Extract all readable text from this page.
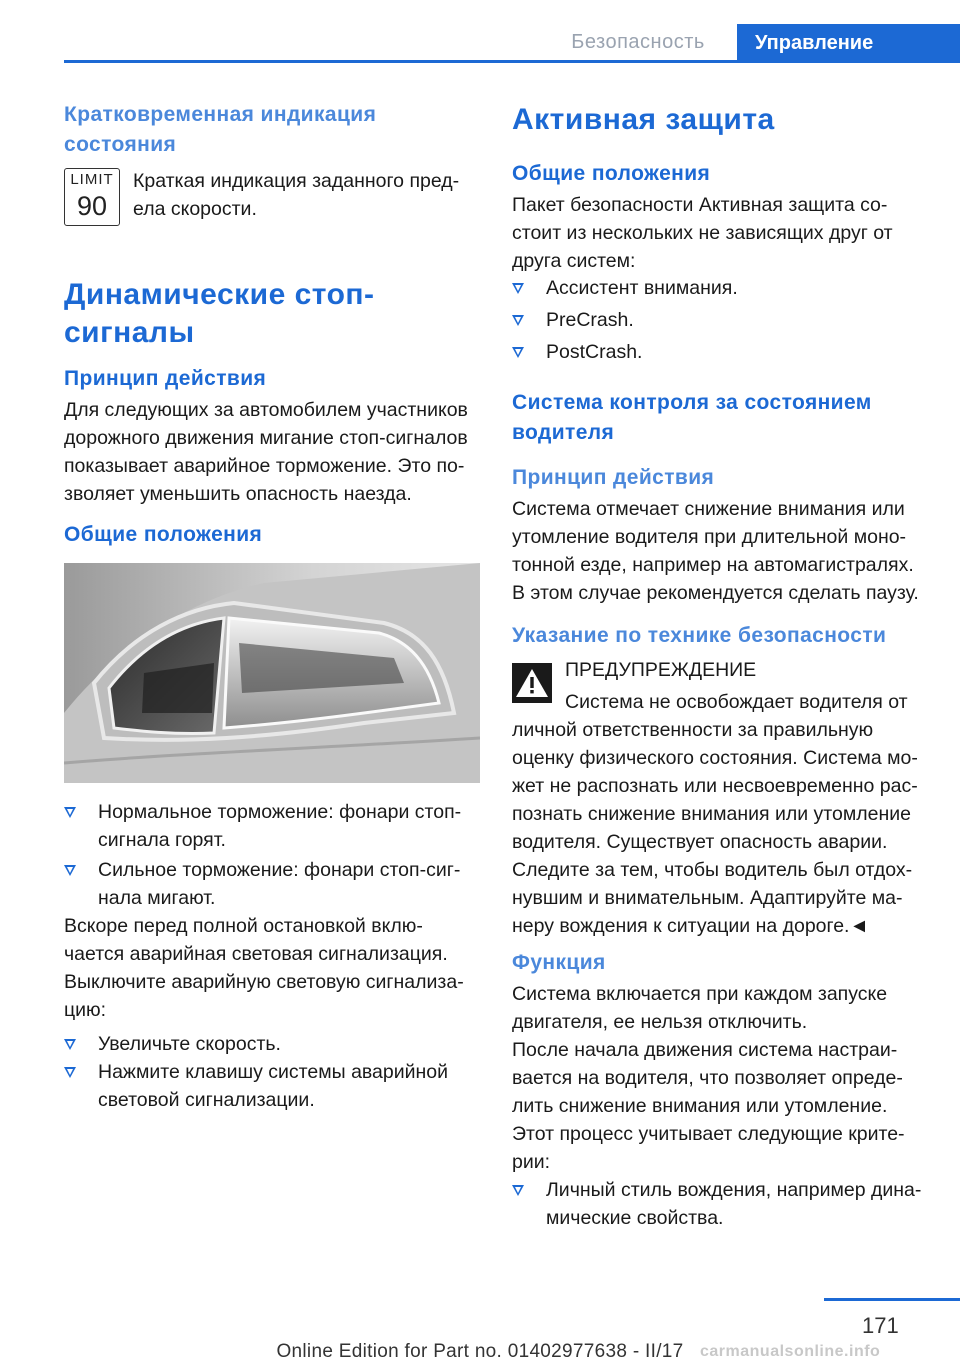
Безопасность	Управление
Кратковременная индикация
состояния
LIMIT
90
Краткая индикация заданного пред-
ела скорости.
Динамические стоп-
сигналы
Принцип действия
Для следующих за автомобилем участников
дорожного движения мигание стоп-сигналов
показывает аварийное торможение. Это по-
зволяет уменьшить опасность наезда.
Общие положения
Нормальное торможение: фонари стоп-
сигнала горят.
Сильное торможение: фонари стоп-сиг-
нала мигают.
Вскоре перед полной остановкой вклю-
чается аварийная световая сигнализация.
Выключите аварийную световую сигнализа-
цию:
Увеличьте скорость.
Нажмите клавишу системы аварийной
световой сигнализации.
Активная защита
Общие положения
Пакет безопасности Активная защита со-
стоит из нескольких не зависящих друг от
друга систем:
Ассистент внимания.
PreCrash.
PostCrash.
Система контроля за состоянием
водителя
Принцип действия
Система отмечает снижение внимания или
утомление водителя при длительной моно-
тонной езде, например на автомагистралях.
В этом случае рекомендуется сделать паузу.
Указание по технике безопасности
ПРЕДУПРЕЖДЕНИЕ
Система не освобождает водителя от
личной ответственности за правильную
оценку физического состояния. Система мо-
жет не распознать или несвоевременно рас-
познать снижение внимания или утомление
водителя. Существует опасность аварии.
Следите за тем, чтобы водитель был отдох-
нувшим и внимательным. Адаптируйте ма-
неру вождения к ситуации на дороге.◄
Функция
Система включается при каждом запуске
двигателя, ее нельзя отключить.
После начала движения система настраи-
вается на водителя, что позволяет опреде-
лить снижение внимания или утомление.
Этот процесс учитывает следующие крите-
рии:
Личный стиль вождения, например дина-
мические свойства.
171
Online Edition for Part no. 01402977638 - II/17	carmanualsonline.info
